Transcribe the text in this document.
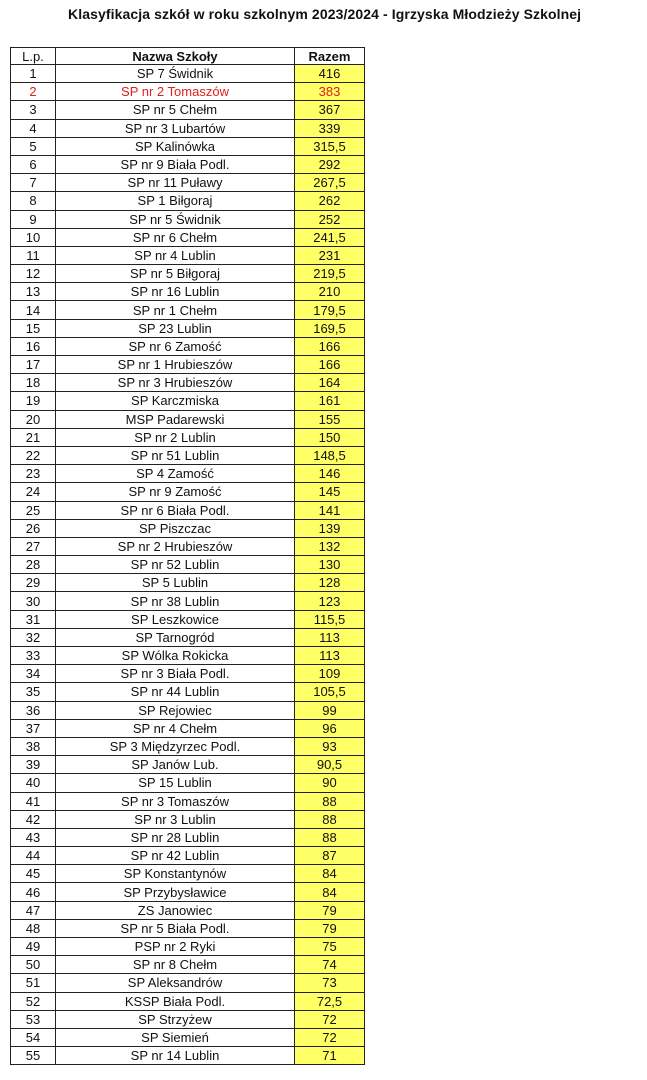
Klasyfikacja szkół w roku szkolnym 2023/2024 - Igrzyska Młodzieży Szkolnej
L.p.	Nazwa Szkoły	Razem
1	SP 7 Świdnik	416
2	SP nr 2 Tomaszów	383
3	SP nr 5 Chełm	367
4	SP nr 3 Lubartów	339
5	SP Kalinówka	315,5
6	SP nr 9 Biała Podl.	292
7	SP nr 11 Puławy	267,5
8	SP 1 Biłgoraj	262
9	SP nr 5 Świdnik	252
10	SP nr 6 Chełm	241,5
11	SP nr 4 Lublin	231
12	SP nr 5 Biłgoraj	219,5
13	SP nr 16 Lublin	210
14	SP nr 1 Chełm	179,5
15	SP 23 Lublin	169,5
16	SP nr 6 Zamość	166
17	SP nr 1 Hrubieszów	166
18	SP nr 3 Hrubieszów	164
19	SP Karczmiska	161
20	MSP Padarewski	155
21	SP nr 2 Lublin	150
22	SP nr 51 Lublin	148,5
23	SP 4 Zamość	146
24	SP nr 9 Zamość	145
25	SP nr 6 Biała Podl.	141
26	SP Piszczac	139
27	SP nr 2 Hrubieszów	132
28	SP nr 52 Lublin	130
29	SP 5 Lublin	128
30	SP nr 38 Lublin	123
31	SP Leszkowice	115,5
32	SP Tarnogród	113
33	SP Wólka Rokicka	113
34	SP nr 3 Biała Podl.	109
35	SP nr 44 Lublin	105,5
36	SP Rejowiec	99
37	SP nr 4 Chełm	96
38	SP 3 Międzyrzec Podl.	93
39	SP Janów Lub.	90,5
40	SP 15 Lublin	90
41	SP nr 3 Tomaszów	88
42	SP nr 3 Lublin	88
43	SP nr 28 Lublin	88
44	SP nr 42 Lublin	87
45	SP Konstantynów	84
46	SP Przybysławice	84
47	ZS Janowiec	79
48	SP nr 5 Biała Podl.	79
49	PSP nr 2 Ryki	75
50	SP nr 8 Chełm	74
51	SP Aleksandrów	73
52	KSSP Biała Podl.	72,5
53	SP Strzyżew	72
54	SP Siemień	72
55	SP nr 14 Lublin	71
